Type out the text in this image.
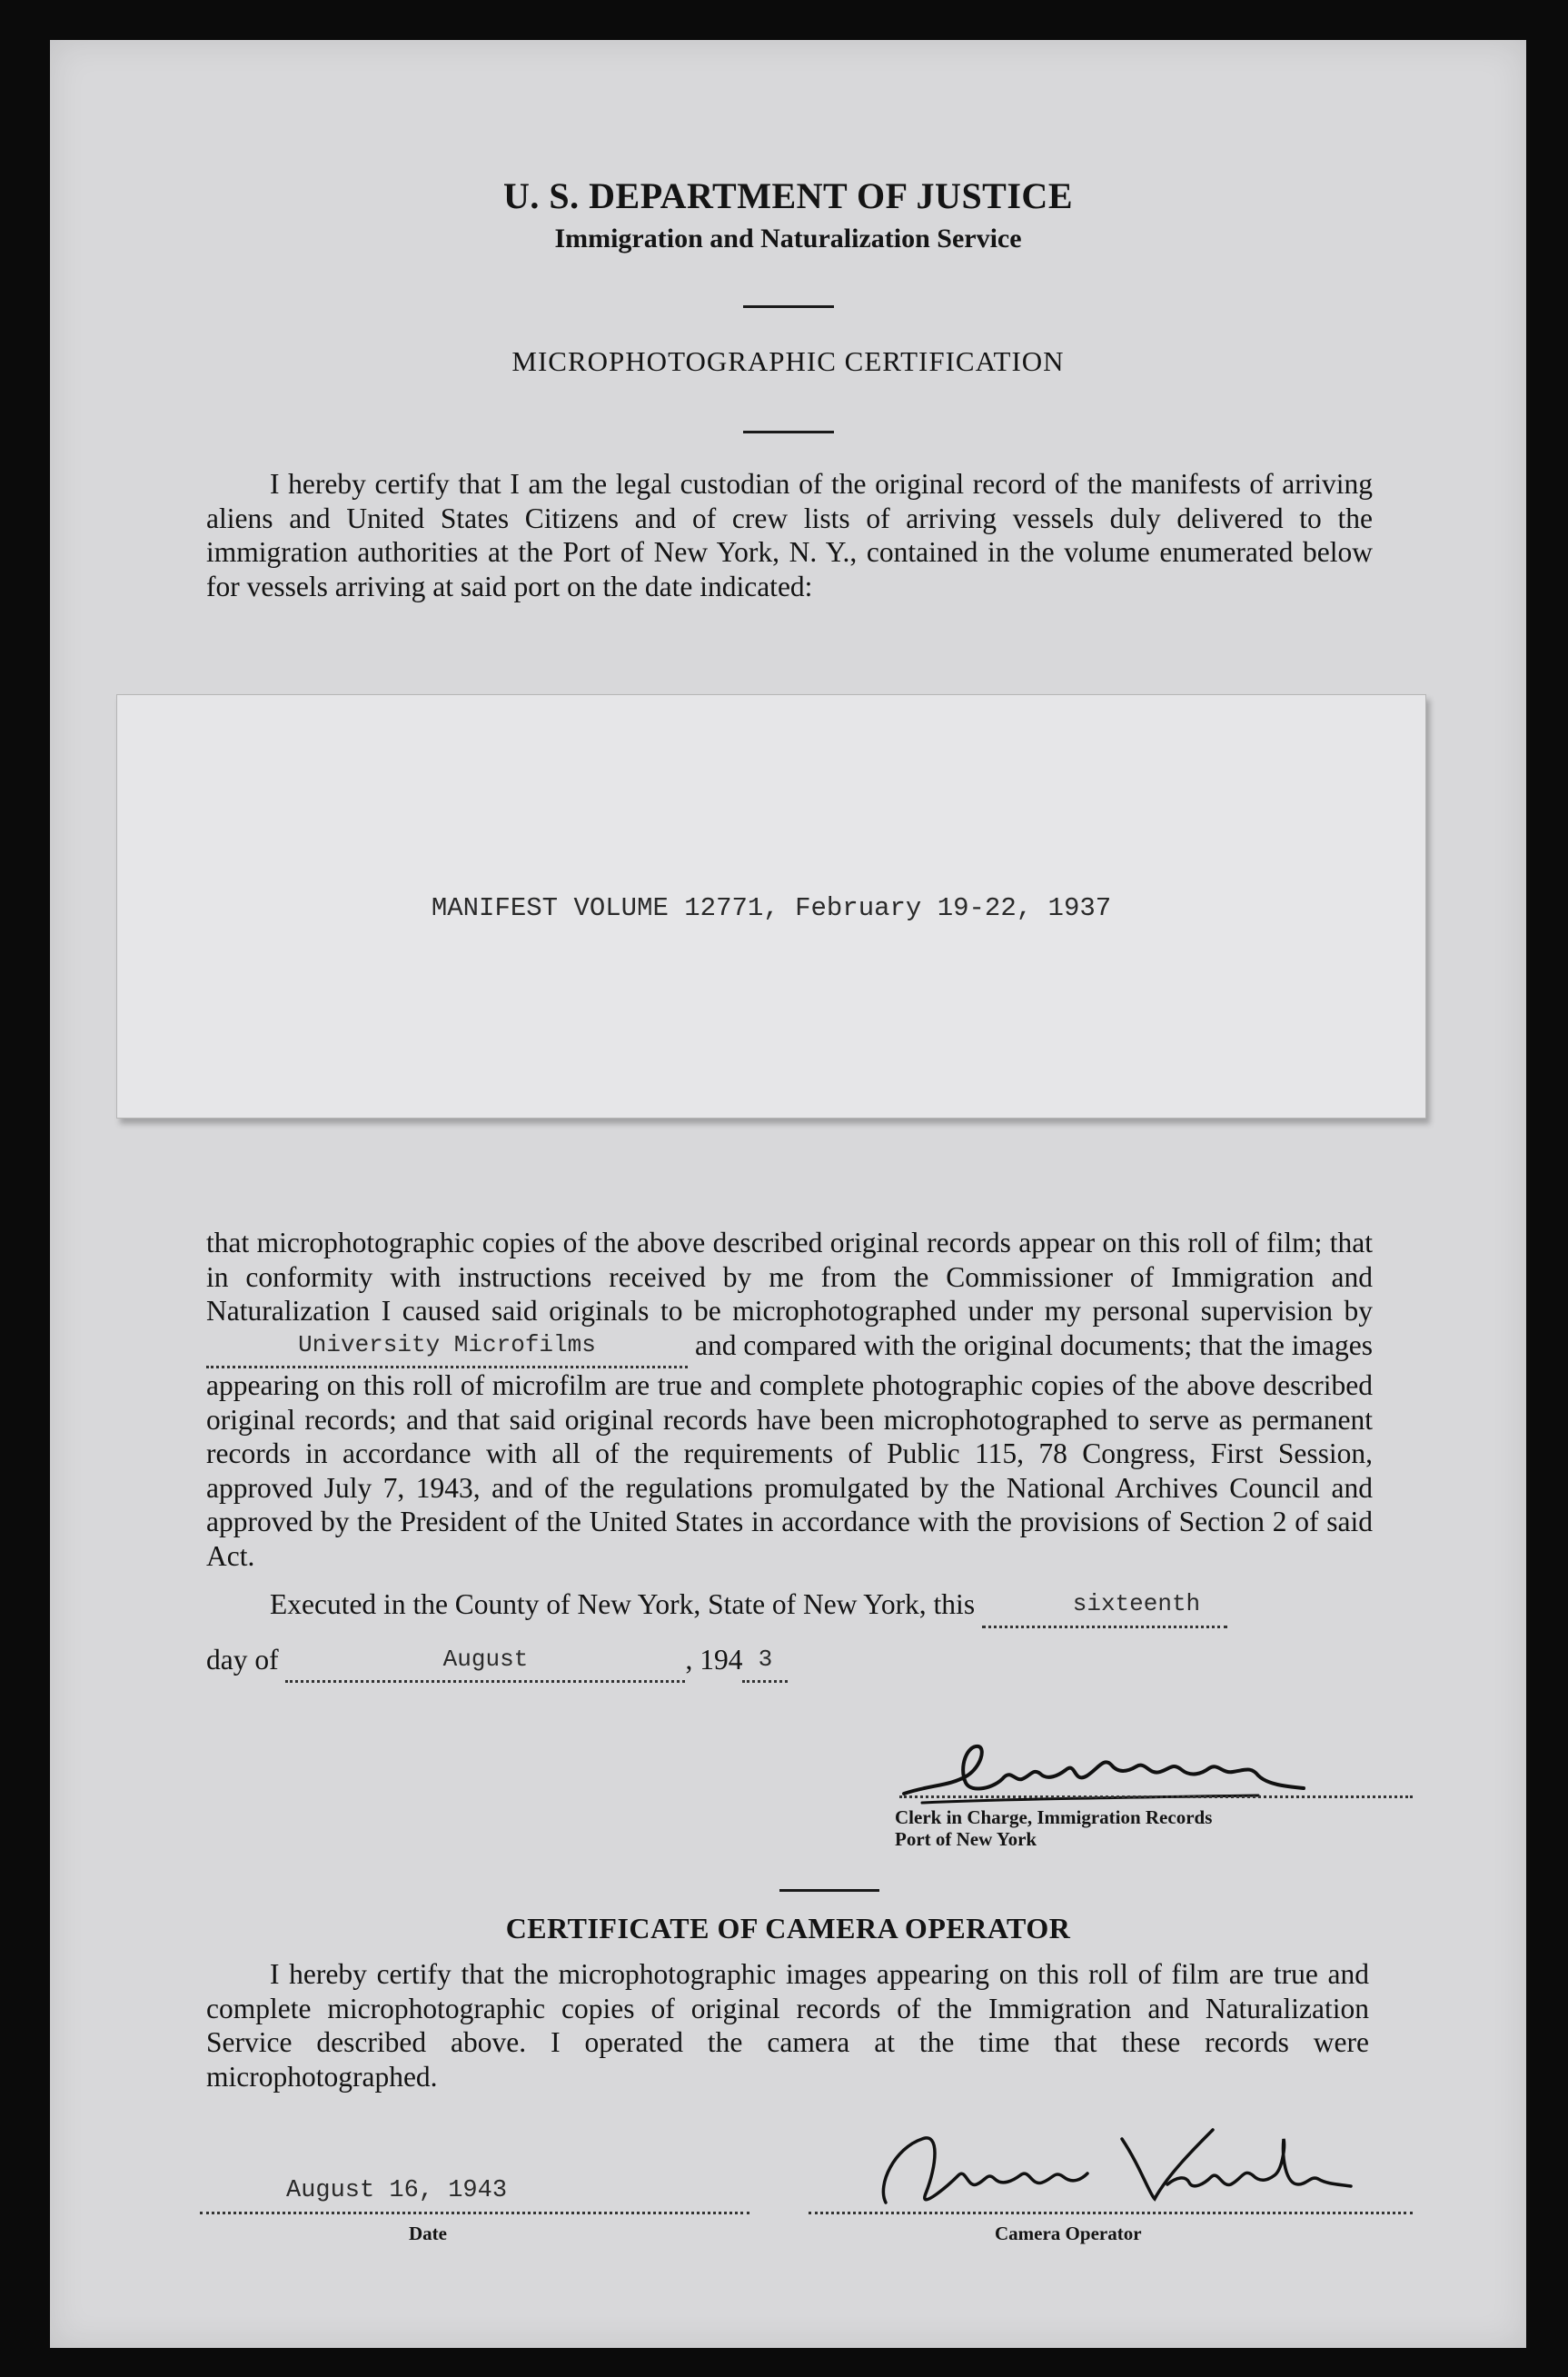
U. S. DEPARTMENT OF JUSTICE
Immigration and Naturalization Service
MICROPHOTOGRAPHIC CERTIFICATION

I hereby certify that I am the legal custodian of the original record of the manifests of arriving aliens and United States Citizens and of crew lists of arriving vessels duly delivered to the immigration authorities at the Port of New York, N. Y., contained in the volume enumerated below for vessels arriving at said port on the date indicated:

MANIFEST VOLUME 12771, February 19-22, 1937

that microphotographic copies of the above described original records appear on this roll of film; that in conformity with instructions received by me from the Commissioner of Immigration and Naturalization I caused said originals to be microphotographed under my personal supervision by University Microfilms	and compared with the original documents; that the images appearing on this roll of microfilm are true and complete photographic copies of the above described original records; and that said original records have been microphotographed to serve as permanent records in accordance with all of the requirements of Public 115, 78 Congress, First Session, approved July 7, 1943, and of the regulations promulgated by the National Archives Council and approved by the President of the United States in accordance with the provisions of Section 2 of said Act.

Executed in the County of New York, State of New York, this	sixteenth

day of	August	, 194 3

Clerk in Charge, Immigration Records
Port of New York
CERTIFICATE OF CAMERA OPERATOR

I hereby certify that the microphotographic images appearing on this roll of film are true and complete microphotographic copies of original records of the Immigration and Naturalization Service described above. I operated the camera at the time that these records were microphotographed.

August 16, 1943
Date	Camera Operator
